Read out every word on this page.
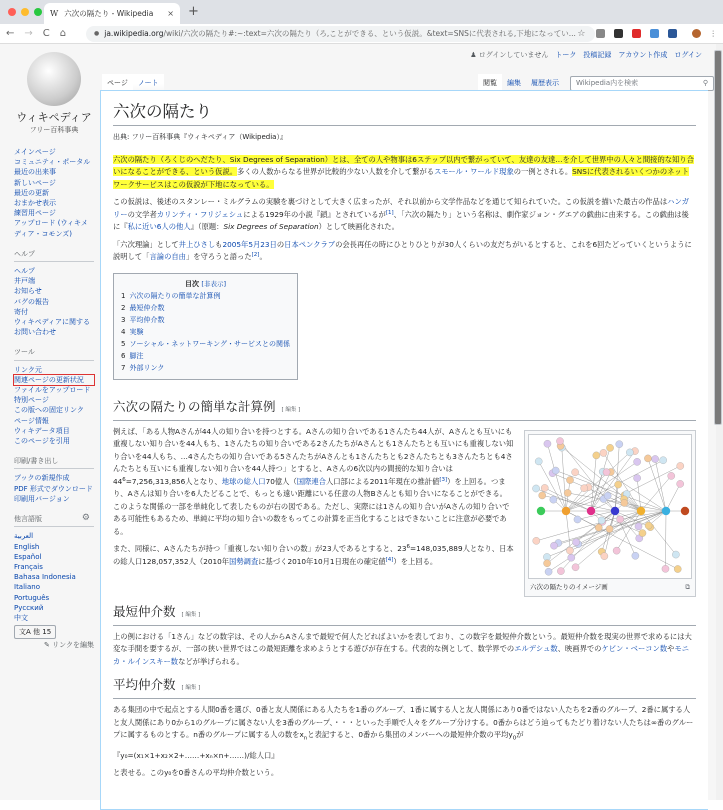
W 六次の隔たり - Wikipedia × +
← → C ⌂	● ja.wikipedia.org /wiki/六次の隔たり#:~:text=六次の隔たり（ろ,ことができる、という仮説。&text=SNSに代表される,下地になってい... ☆	⋮
ウィキペディア
フリー百科事典
♟ ログインしていません トーク 投稿記録 アカウント作成 ログイン
ページ	ノート	閲覧	編集	履歴表示	Wikipedia内を検索	⚲
メインページ
コミュニティ・ポータル
最近の出来事
新しいページ
最近の更新
おまかせ表示
練習用ページ
アップロード (ウィキメディア・コモンズ)
ヘルプ
ヘルプ
井戸端
お知らせ
バグの報告
寄付
ウィキペディアに関するお問い合わせ
ツール
リンク元
関連ページの更新状況
ファイルをアップロード
特別ページ
この版への固定リンク
ページ情報
ウィキデータ項目
このページを引用
印刷/書き出し
ブックの新規作成
PDF 形式でダウンロード
印刷用バージョン
他言語版	⚙
العربية
English
Español
Français
Bahasa Indonesia
Italiano
Português
Русский
中文
文A 他 15
✎ リンクを編集
六次の隔たり
出典: フリー百科事典『ウィキペディア（Wikipedia）』

六次の隔たり（ろくじのへだたり、Six Degrees of Separation）とは、全ての人や物事は6ステップ以内で繋がっていて、友達の友達…を介して世界中の人々と間接的な知り合いになることができる、という仮説。多くの人数からなる世界が比較的少ない人数を介して繋がるスモール・ワールド現象の一例とされる。SNSに代表されるいくつかのネットワークサービスはこの仮説が下地になっている。

この仮説は、後述のスタンレー・ミルグラムの実験を裏づけとして大きく広まったが、それ以前から文学作品などを通じて知られていた。この仮説を描いた最古の作品はハンガリーの文学者カリンティ・フリジェシュによる1929年の小説『鎖』とされているが[1]、「六次の隔たり」という名称は、劇作家ジョン・グエアの戯曲に由来する。この戯曲は後に『私に近い6人の他人』（原題：Six Degrees of Separation）として映画化された。

「六次理論」として井上ひさしも2005年5月23日の日本ペンクラブの会長再任の時にひとりひとりが30人くらいの友だちがいるとすると、これを6回たどっていくというように説明して「言論の自由」を守ろうと語った[2]。

目次 [非表示]
1 六次の隔たりの簡単な計算例
2 最短仲介数
3 平均仲介数
4 実験
5 ソーシャル・ネットワーキング・サービスとの関係
6 脚注
7 外部リンク
六次の隔たりの簡単な計算例 [ 編集 ]
六次の隔たりのイメージ画	⧉

例えば、「ある人物Aさんが44人の知り合いを持つとする。Aさんの知り合いである1さんたち44人が、Aさんとも互いにも重複しない知り合いを44人もち、1さんたちの知り合いである2さんたちがAさんとも1さんたちとも互いにも重複しない知り合いを44人もち、…4さんたちの知り合いである5さんたちがAさんとも1さんたちとも2さんたちとも3さんたちとも4さんたちとも互いにも重複しない知り合いを44人持つ」とすると、Aさんの6次以内の間接的な知り合いは$44^6=7,256,313,856$人となり、地球の総人口70億人（国際連合人口部による2011年現在の推計値[3]）を上回る。つまり、Aさんは知り合いを6人たどることで、もっとも遠い距離にいる任意の人物Bさんとも知り合いになることができる。このような関係の一部を単純化して表したものが右の図である。ただし、実際には1さんの知り合いがAさんの知り合いである可能性もあるため、単純に平均の知り合いの数をもってこの計算を正当化することはできないことに注意が必要である。

また、同様に、Aさんたちが持つ「重複しない知り合いの数」が23人であるとすると、$23^6=148,035,889$人となり、日本の総人口128,057,352人（2010年国勢調査に基づく2010年10月1日現在の確定値[4]）を上回る。

最短仲介数 [ 編集 ]

上の例における「1さん」などの数字は、その人からAさんまで最短で何人たどればよいかを表しており、この数字を最短仲介数という。最短仲介数を現実の世界で求めるには大変な手間を要するが、一部の狭い世界ではこの最短距離を求めようとする遊びが存在する。代表的な例として、数学界でのエルデシュ数、映画界でのケビン・ベーコン数やモニカ・ルインスキー数などが挙げられる。

平均仲介数 [ 編集 ]

ある集団の中で起点とする人間0番を選び、0番と友人関係にある人たちを1番のグループ、1番に属する人と友人関係にあり0番ではない人たちを2番のグループ、2番に属する人と友人関係にあり0から1のグループに属さない人を3番のグループ、・・・といった手順で人々をグループ分けする。0番からはどう辿ってもたどり着けない人たちは∞番のグループに属するものとする。n番のグループに属する人の数を$x_n$と表記すると、0番から集団のメンバーへの最短仲介数の平均$y_0$が

『y₀=(x₁×1+x₂×2+……+xₙ×n+……)/総人口』

と表せる。このy₀を0番さんの平均仲介数という。
